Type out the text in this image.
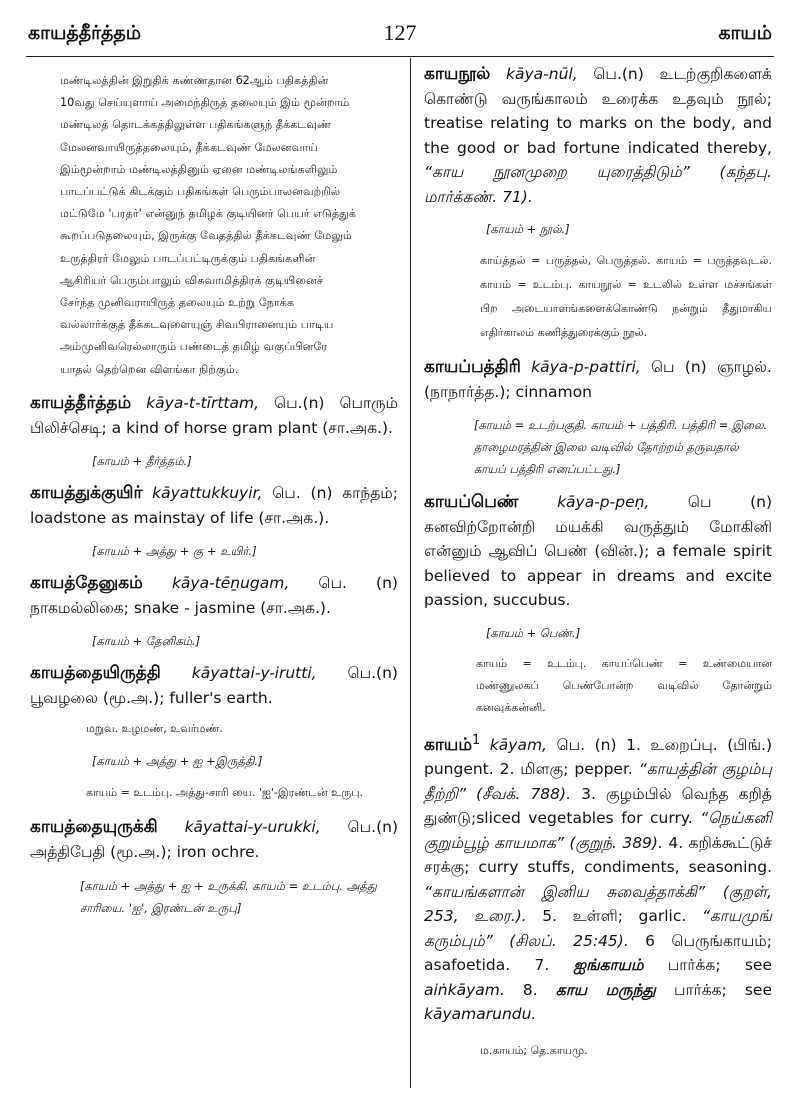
காயத்தீர்த்தம்	127	காயம்
மண்டிலத்தின் இறுதிக் கண்ணதான 62ஆம் பதிகத்தின்
10வது செய்யுளாய் அமைந்திருத் தலையும் இம் மூன்றாம்
மண்டிலத் தொடக்கத்திலுள்ள பதிகங்களுந் தீக்கடவுண்
மேலனவாயிருத்தலையும், தீக்கடவுண் மேலனவாய்
இம்மூன்றாம் மண்டிலத்தினும் ஏனை மண்டிலங்களிலும்
பாடப்பட்டுக் கிடக்கும் பதிகங்கள் பெரும்பாலனவற்றில்
மட்டுமே 'பரதர்' என்னுந் தமிழக் குடியினர் பெயர் எடுத்துக்
கூறப்படுதலையும், இருக்கு வேதத்தில் தீக்கடவுண் மேலும்
உருத்திரர் மேலும் பாடப்பட்டிருக்கும் பதிகங்களின்
ஆசிரியர் பெரும்பாலும் விசுவாமித்திரக் குடியினைச்
சேர்ந்த முனிவராயிருத் தலையும் உற்று நோக்க
வல்லார்க்குத் தீக்கடவுளையுஞ் சிவபிரானையும் பாடிய
அம்முனிவரெல்லாரும் பண்டைத் தமிழ் வகுப்பினரே
யாதல் தெற்றென விளங்கா நிற்கும்.
காயத்தீர்த்தம் kāya-t-tīrttam, பெ.(n) பொரும் பிலிச்செடி; a kind of horse gram plant (சா.அக.).
[காயம் + தீர்த்தம்.]
காயத்துக்குயிர் kāyattukkuyir, பெ. (n) காந்தம்; loadstone as mainstay of life (சா.அக.).
[காயம் + அத்து + கு + உயிர்.]
காயத்தேனுகம் kāya-tēṉugam, பெ. (n) நாகமல்லிகை; snake - jasmine (சா.அக.).
[காயம் + தேனிகம்.]
காயத்தையிருத்தி kāyattai-y-irutti, பெ.(n) பூவழலை (மூ.அ.); fuller's earth.
மறுவ. உழமண், உவர்மண்.
[காயம் + அத்து + ஐ +இருத்தி.]
காயம் = உடம்பு. அத்து-சாரி யை. 'ஐ'-இரண்டன் உருபு.
காயத்தையுருக்கி kāyattai-y-urukki, பெ.(n) அத்திபேதி (மூ.அ.); iron ochre.
[காயம் + அத்து + ஐ + உருக்கி. காயம் = உடம்பு. அத்து சாரியை. 'ஐ', இரண்டன் உருபு]
காயநூல் kāya-nūl, பெ.(n) உடற்குறிகளைக் கொண்டு வருங்காலம் உரைக்க உதவும் நூல்; treatise relating to marks on the body, and the good or bad fortune indicated thereby, “காய நூனமுறை யுரைத்திடும்” (கந்தபு. மார்க்கண். 71).
[காயம் + நூல்.]
காய்த்தல் = பருத்தல், பெருத்தல். காயம் = பருத்தவுடல். காயம் = உடம்பு. காயநூல் = உடலில் உள்ள மச்சங்கள் பிற அடையாளங்களைக்கொண்டு நன்றும் தீதுமாகிய எதிர்காலம் கணித்துரைக்கும் நூல்.
காயப்பத்திரி kāya-p-pattiri, பெ (n) ஞாழல். (நாநார்த்த.); cinnamon
[காயம் = உடற்பகுதி. காயம் + பத்திரி. பத்திரி = இலை. தாழைமரத்தின் இலை வடிவில் தோற்றம் தருவதால் காயப் பத்திரி எனப்பட்டது.]
காயப்பெண் kāya-p-peṇ, பெ (n) கனவிற்றோன்றி மயக்கி வருத்தும் மோகினி என்னும் ஆவிப் பெண் (வின்.); a female spirit believed to appear in dreams and excite passion, succubus.
[காயம் + பெண்.]
காயம் = உடம்பு. காயப்பெண் = உண்மையான மண்ணுலகப் பெண்போன்ற வடிவில் தோன்றும் கனவுக்கன்னி.
காயம்$^1$ kāyam, பெ. (n) 1. உறைப்பு. (பிங்.) pungent. 2. மிளகு; pepper. “காயத்தின் குழம்பு தீற்றி” (சீவக். 788). 3. குழம்பில் வெந்த கறித் துண்டு;sliced vegetables for curry. “நெய்கனி குறும்பூழ் காயமாக” (குறுந். 389). 4. கறிக்கூட்டுச் சரக்கு; curry stuffs, condiments, seasoning. “காயங்களான் இனிய சுவைத்தாக்கி” (குறள், 253, உரை.). 5. உள்ளி; garlic. “காயமுங் கரும்பும்” (சிலப். 25:45). 6 பெருங்காயம்; asafoetida. 7. ஐங்காயம் பார்க்க; see aiṅkāyam. 8. காய மருந்து பார்க்க; see kāyamarundu.
ம.காயம்; தெ.காயமு.
